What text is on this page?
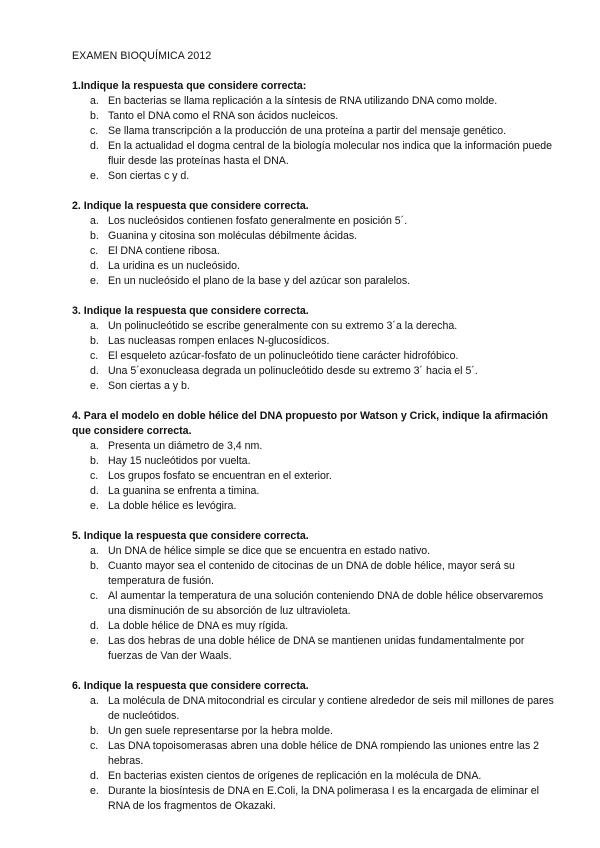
EXAMEN BIOQUÍMICA 2012
1.Indique la respuesta que considere correcta:
a. En bacterias se llama replicación a la síntesis de RNA utilizando DNA como molde.
b. Tanto el DNA como el RNA son ácidos nucleicos.
c. Se llama transcripción a la producción de una proteína a partir del mensaje genético.
d. En la actualidad el dogma central de la biología molecular nos indica que la información puede fluir desde las proteínas hasta el DNA.
e. Son ciertas c y d.
2. Indique la respuesta que considere correcta.
a. Los nucleósidos contienen fosfato generalmente en posición 5´.
b. Guanina y citosina son moléculas débilmente ácidas.
c. El DNA contiene ribosa.
d. La uridina es un nucleósido.
e. En un nucleósido el plano de la base y del azúcar son paralelos.
3. Indique la respuesta que considere correcta.
a. Un polinucleótido se escribe generalmente con su extremo 3´a la derecha.
b. Las nucleasas rompen enlaces N-glucosídicos.
c. El esqueleto azúcar-fosfato de un polinucleótido tiene carácter hidrofóbico.
d. Una 5´exonucleasa degrada un polinucleótido desde su extremo 3´ hacia el 5´.
e. Son ciertas a y b.
4. Para el modelo en doble hélice del DNA propuesto por Watson y Crick, indique la afirmación que considere correcta.
a. Presenta un diámetro de 3,4 nm.
b. Hay 15 nucleótidos por vuelta.
c. Los grupos fosfato se encuentran en el exterior.
d. La guanina se enfrenta a timina.
e. La doble hélice es levógira.
5. Indique la respuesta que considere correcta.
a. Un DNA de hélice simple se dice que se encuentra en estado nativo.
b. Cuanto mayor sea el contenido de citocinas de un DNA de doble hélice, mayor será su temperatura de fusión.
c. Al aumentar la temperatura de una solución conteniendo DNA de doble hélice observaremos una disminución de su absorción de luz ultravioleta.
d. La doble hélice de DNA es muy rígida.
e. Las dos hebras de una doble hélice de DNA se mantienen unidas fundamentalmente por fuerzas de Van der Waals.
6. Indique la respuesta que considere correcta.
a. La molécula de DNA mitocondrial es circular y contiene alrededor de seis mil millones de pares de nucleótidos.
b. Un gen suele representarse por la hebra molde.
c. Las DNA topoisomerasas abren una doble hélice de DNA rompiendo las uniones entre las 2 hebras.
d. En bacterias existen cientos de orígenes de replicación en la molécula de DNA.
e. Durante la biosíntesis de DNA en E.Coli, la DNA polimerasa I es la encargada de eliminar el RNA de los fragmentos de Okazaki.
